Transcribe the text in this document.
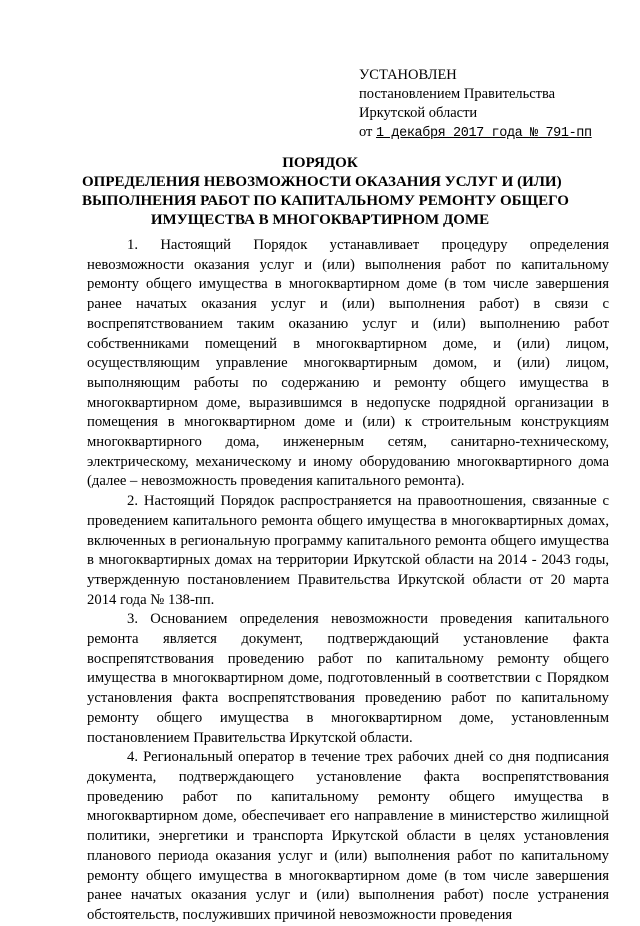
УСТАНОВЛЕН
постановлением Правительства
Иркутской области
от 1 декабря 2017 года № 791-пп
ПОРЯДОК
ОПРЕДЕЛЕНИЯ НЕВОЗМОЖНОСТИ ОКАЗАНИЯ УСЛУГ И (ИЛИ)
ВЫПОЛНЕНИЯ РАБОТ ПО КАПИТАЛЬНОМУ РЕМОНТУ ОБЩЕГО
ИМУЩЕСТВА В МНОГОКВАРТИРНОМ ДОМЕ

1. Настоящий Порядок устанавливает процедуру определения невозможности оказания услуг и (или) выполнения работ по капитальному ремонту общего имущества в многоквартирном доме (в том числе завершения ранее начатых оказания услуг и (или) выполнения работ) в связи с воспрепятствованием таким оказанию услуг и (или) выполнению работ собственниками помещений в многоквартирном доме, и (или) лицом, осуществляющим управление многоквартирным домом, и (или) лицом, выполняющим работы по содержанию и ремонту общего имущества в многоквартирном доме, выразившимся в недопуске подрядной организации в помещения в многоквартирном доме и (или) к строительным конструкциям многоквартирного дома, инженерным сетям, санитарно-техническому, электрическому, механическому и иному оборудованию многоквартирного дома (далее – невозможность проведения капитального ремонта).

2. Настоящий Порядок распространяется на правоотношения, связанные с проведением капитального ремонта общего имущества в многоквартирных домах, включенных в региональную программу капитального ремонта общего имущества в многоквартирных домах на территории Иркутской области на 2014 - 2043 годы, утвержденную постановлением Правительства Иркутской области от 20 марта 2014 года № 138-пп.

3. Основанием определения невозможности проведения капитального ремонта является документ, подтверждающий установление факта воспрепятствования проведению работ по капитальному ремонту общего имущества в многоквартирном доме, подготовленный в соответствии с Порядком установления факта воспрепятствования проведению работ по капитальному ремонту общего имущества в многоквартирном доме, установленным постановлением Правительства Иркутской области.

4. Региональный оператор в течение трех рабочих дней со дня подписания документа, подтверждающего установление факта воспрепятствования проведению работ по капитальному ремонту общего имущества в многоквартирном доме, обеспечивает его направление в министерство жилищной политики, энергетики и транспорта Иркутской области в целях установления планового периода оказания услуг и (или) выполнения работ по капитальному ремонту общего имущества в многоквартирном доме (в том числе завершения ранее начатых оказания услуг и (или) выполнения работ) после устранения обстоятельств, послуживших причиной невозможности проведения
